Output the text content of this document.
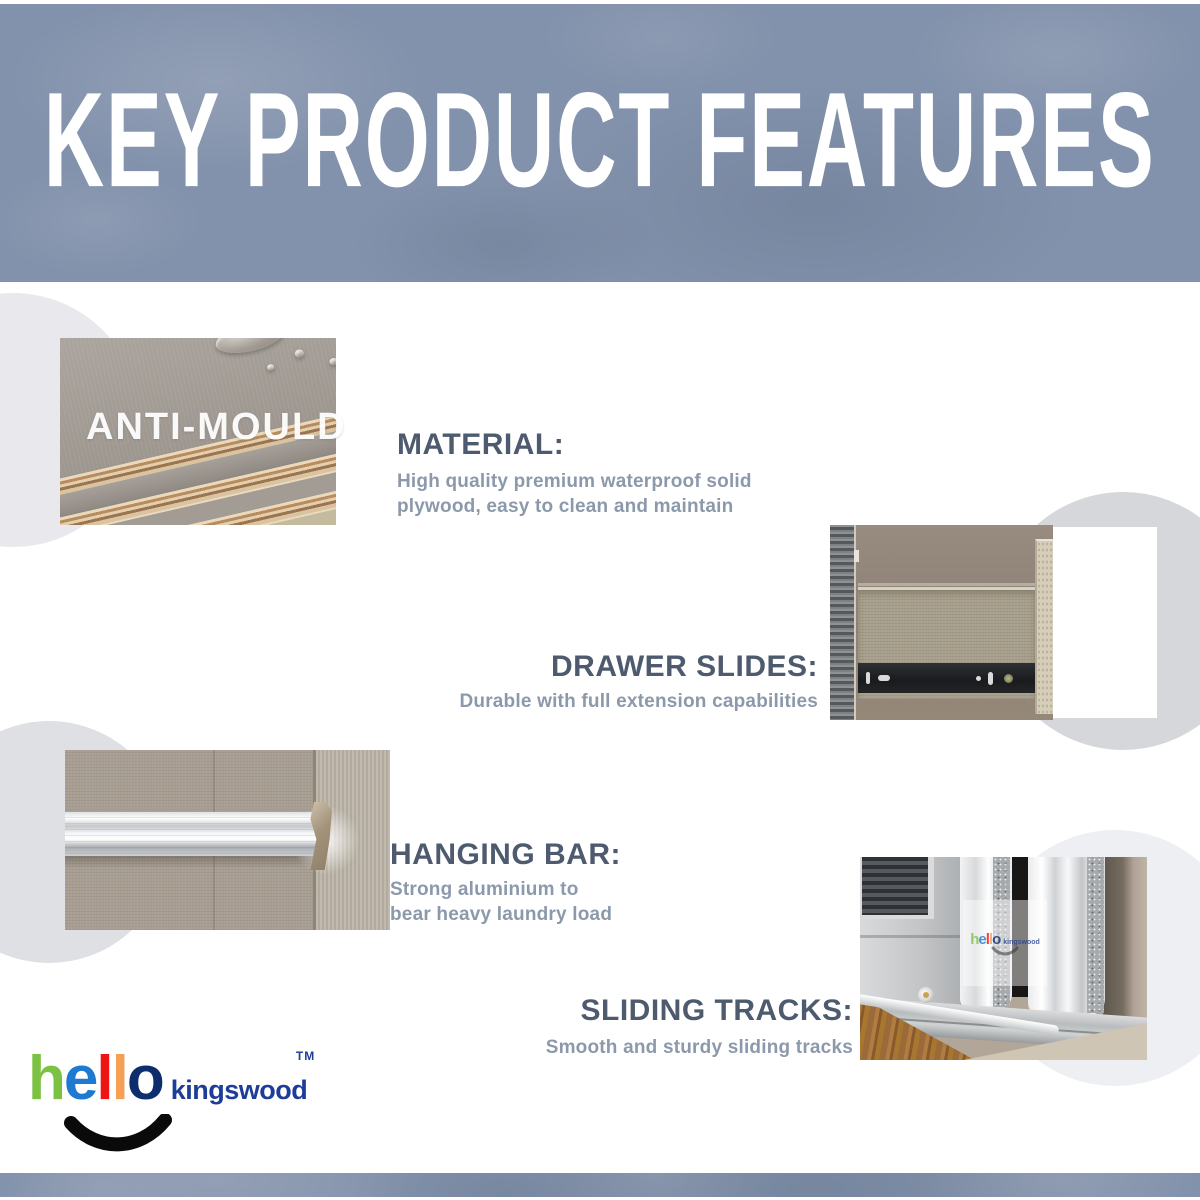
KEY PRODUCT FEATURES
ANTI-MOULD MATERIAL:
High quality premium waterproof solid
plywood, easy to clean and maintain
DRAWER SLIDES:
Durable with full extension capabilities
HANGING BAR:
Strong aluminium to
bear heavy laundry load
h e l l o kingswood
SLIDING TRACKS:
Smooth and sturdy sliding tracks
hello kingswood
TM
